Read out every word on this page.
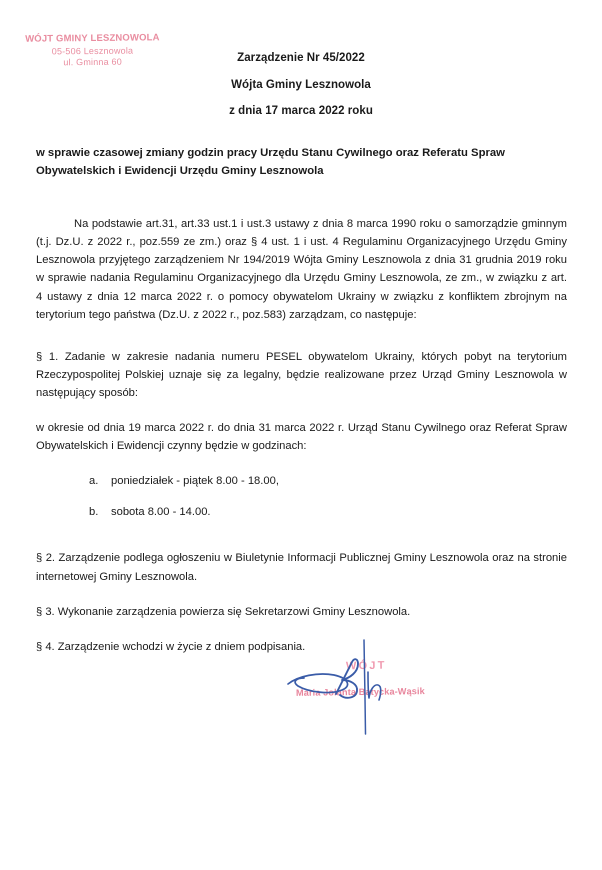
WÓJT GMINY LESZNOWOLA
05-506 Lesznowola
ul. Gminna 60	Zarządzenie Nr 45/2022
Wójta Gminy Lesznowola
z dnia 17 marca 2022 roku
w sprawie czasowej zmiany godzin pracy Urzędu Stanu Cywilnego oraz Referatu Spraw Obywatelskich i Ewidencji Urzędu Gminy Lesznowola

Na podstawie art.31, art.33 ust.1 i ust.3 ustawy z dnia 8 marca 1990 roku o samorządzie gminnym (t.j. Dz.U. z 2022 r., poz.559 ze zm.) oraz § 4 ust. 1 i ust. 4 Regulaminu Organizacyjnego Urzędu Gminy Lesznowola przyjętego zarządzeniem Nr 194/2019 Wójta Gminy Lesznowola z dnia 31 grudnia 2019 roku w sprawie nadania Regulaminu Organizacyjnego dla Urzędu Gminy Lesznowola, ze zm., w związku z art. 4 ustawy z dnia 12 marca 2022 r. o pomocy obywatelom Ukrainy w związku z konfliktem zbrojnym na terytorium tego państwa (Dz.U. z 2022 r., poz.583) zarządzam, co następuje:

§ 1. Zadanie w zakresie nadania numeru PESEL obywatelom Ukrainy, których pobyt na terytorium Rzeczypospolitej Polskiej uznaje się za legalny, będzie realizowane przez Urząd Gminy Lesznowola w następujący sposób:

w okresie od dnia 19 marca 2022 r. do dnia 31 marca 2022 r. Urząd Stanu Cywilnego oraz Referat Spraw Obywatelskich i Ewidencji czynny będzie w godzinach:

a. poniedziałek - piątek 8.00 - 18.00,
b. sobota 8.00 - 14.00.

§ 2. Zarządzenie podlega ogłoszeniu w Biuletynie Informacji Publicznej Gminy Lesznowola oraz na stronie internetowej Gminy Lesznowola.

§ 3. Wykonanie zarządzenia powierza się Sekretarzowi Gminy Lesznowola.

§ 4. Zarządzenie wchodzi w życie z dniem podpisania.

WÓJT
Maria Jolanta Batycka-Wąsik
